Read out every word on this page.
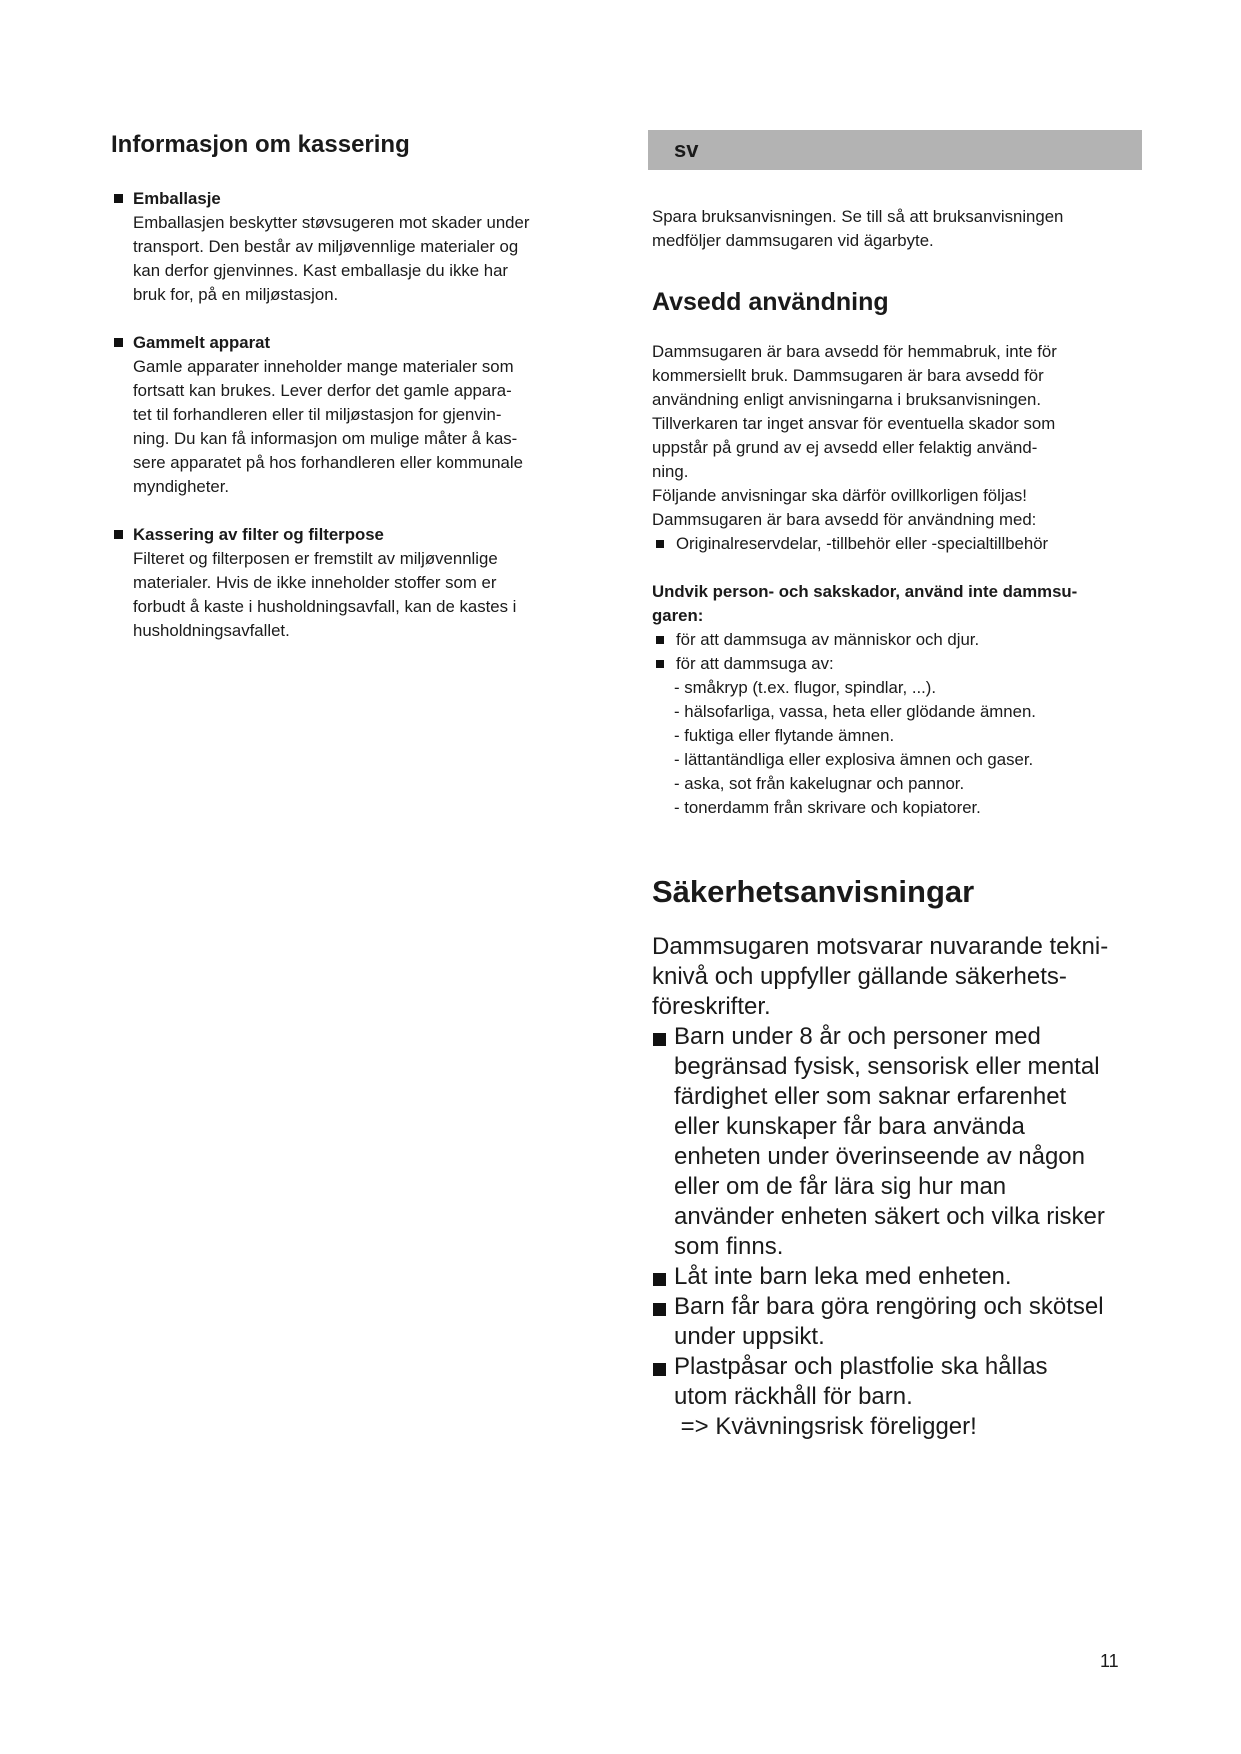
Informasjon om kassering
Emballasje

Emballasjen beskytter støvsugeren mot skader under

transport. Den består av miljøvennlige materialer og

kan derfor gjenvinnes. Kast emballasje du ikke har

bruk for, på en miljøstasjon.

Gammelt apparat

Gamle apparater inneholder mange materialer som

fortsatt kan brukes. Lever derfor det gamle appara-

tet til forhandleren eller til miljøstasjon for gjenvin-

ning. Du kan få informasjon om mulige måter å kas-

sere apparatet på hos forhandleren eller kommunale

myndigheter.

Kassering av filter og filterpose

Filteret og filterposen er fremstilt av miljøvennlige

materialer. Hvis de ikke inneholder stoffer som er

forbudt å kaste i husholdningsavfall, kan de kastes i

husholdningsavfallet.

sv

Spara bruksanvisningen. Se till så att bruksanvisningen

medföljer dammsugaren vid ägarbyte.

Avsedd användning

Dammsugaren är bara avsedd för hemmabruk, inte för

kommersiellt bruk. Dammsugaren är bara avsedd för

användning enligt anvisningarna i bruksanvisningen.

Tillverkaren tar inget ansvar för eventuella skador som

uppstår på grund av ej avsedd eller felaktig använd-

ning.

Följande anvisningar ska därför ovillkorligen följas!

Dammsugaren är bara avsedd för användning med:

Originalreservdelar, -tillbehör eller -specialtillbehör

Undvik person- och sakskador, använd inte dammsu-

garen:

för att dammsuga av människor och djur.
för att dammsuga av:
- småkryp (t.ex. flugor, spindlar, ...).
- hälsofarliga, vassa, heta eller glödande ämnen.
- fuktiga eller flytande ämnen.
- lättantändliga eller explosiva ämnen och gaser.
- aska, sot från kakelugnar och pannor.
- tonerdamm från skrivare och kopiatorer.
Säkerhetsanvisningar

Dammsugaren motsvarar nuvarande tekni-

knivå och uppfyller gällande säkerhets-

föreskrifter.

Barn under 8 år och personer med
begränsad fysisk, sensorisk eller mental
färdighet eller som saknar erfarenhet
eller kunskaper får bara använda
enheten under överinseende av någon
eller om de får lära sig hur man
använder enheten säkert och vilka risker
som finns.
Låt inte barn leka med enheten.
Barn får bara göra rengöring och skötsel
under uppsikt.
Plastpåsar och plastfolie ska hållas
utom räckhåll för barn.
=> Kvävningsrisk föreligger!
11
